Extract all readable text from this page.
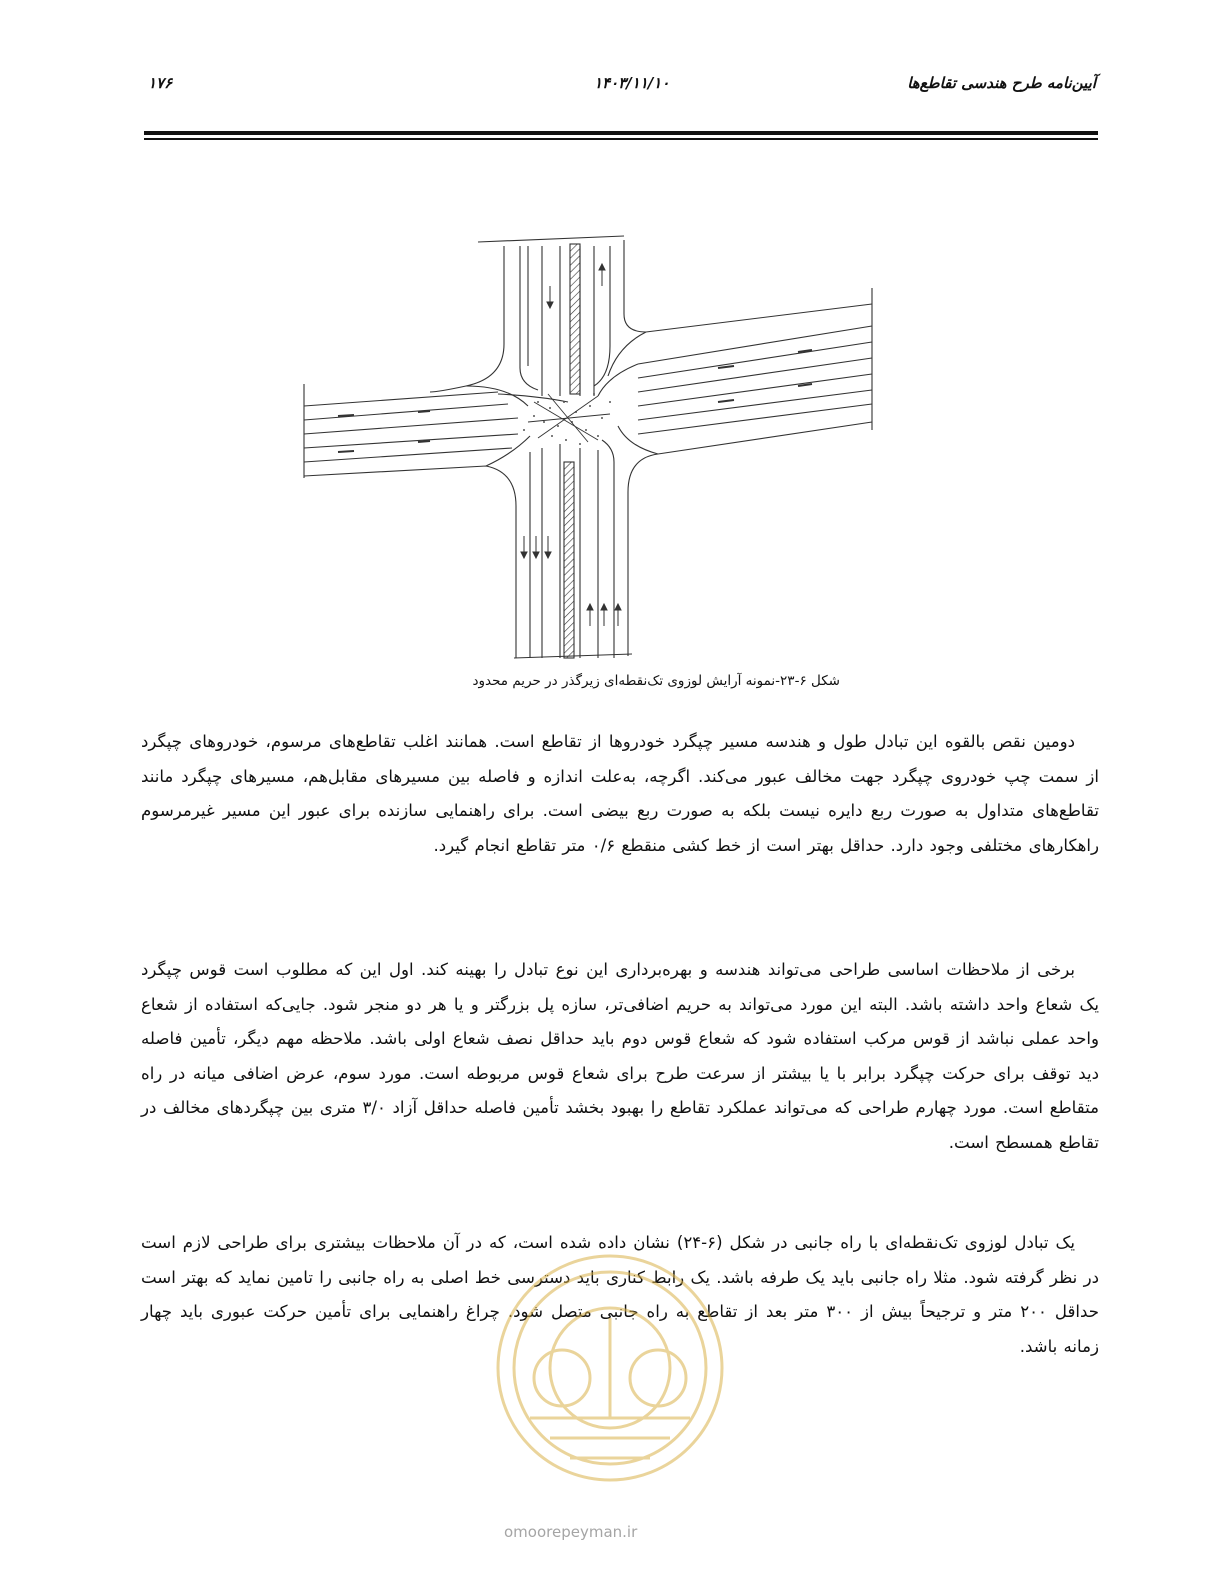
۱۷۶	۱۴۰۳/۱۱/۱۰	آیین‌نامه طرح هندسی تقاطع‌ها
شکل ۶-۲۳-نمونه آرایش لوزوی تک‌نقطه‌ای زیرگذر در حریم محدود

دومین نقص بالقوه این تبادل طول و هندسه مسیر چپگرد خودروها از تقاطع است. همانند اغلب تقاطع‌های مرسوم، خودروهای چپگرد از سمت چپ خودروی چپگرد جهت مخالف عبور می‌کند. اگرچه، به‌علت اندازه و فاصله بین مسیرهای مقابل‌هم، مسیرهای چپگرد مانند تقاطع‌های متداول به صورت ربع دایره نیست بلکه به صورت ربع بیضی است. برای راهنمایی سازنده برای عبور این مسیر غیرمرسوم راهکارهای مختلفی وجود دارد. حداقل بهتر است از خط کشی منقطع ۰/۶ متر تقاطع انجام گیرد.

برخی از ملاحظات اساسی طراحی می‌تواند هندسه و بهره‌برداری این نوع تبادل را بهینه کند. اول این که مطلوب است قوس چپگرد یک شعاع واحد داشته باشد. البته این مورد می‌تواند به حریم اضافی‌تر، سازه پل بزرگتر و یا هر دو منجر شود. جایی‌که استفاده از شعاع واحد عملی نباشد از قوس مرکب استفاده شود که شعاع قوس دوم باید حداقل نصف شعاع اولی باشد. ملاحظه مهم دیگر، تأمین فاصله دید توقف برای حرکت چپگرد برابر با یا بیشتر از سرعت طرح برای شعاع قوس مربوطه است. مورد سوم، عرض اضافی میانه در راه متقاطع است. مورد چهارم طراحی که می‌تواند عملکرد تقاطع را بهبود بخشد تأمین فاصله حداقل آزاد ۳/۰ متری بین چپگردهای مخالف در تقاطع همسطح است.

یک تبادل لوزوی تک‌نقطه‌ای با راه جانبی در شکل (۶-۲۴) نشان داده شده است، که در آن ملاحظات بیشتری برای طراحی لازم است در نظر گرفته شود. مثلا راه جانبی باید یک طرفه باشد. یک رابط کناری باید دسترسی خط اصلی به راه جانبی را تامین نماید که بهتر است حداقل ۲۰۰ متر و ترجیحاً بیش از ۳۰۰ متر بعد از تقاطع به راه جانبی متصل شود. چراغ راهنمایی برای تأمین حرکت عبوری باید چهار زمانه باشد.

omoorepeyman.ir
